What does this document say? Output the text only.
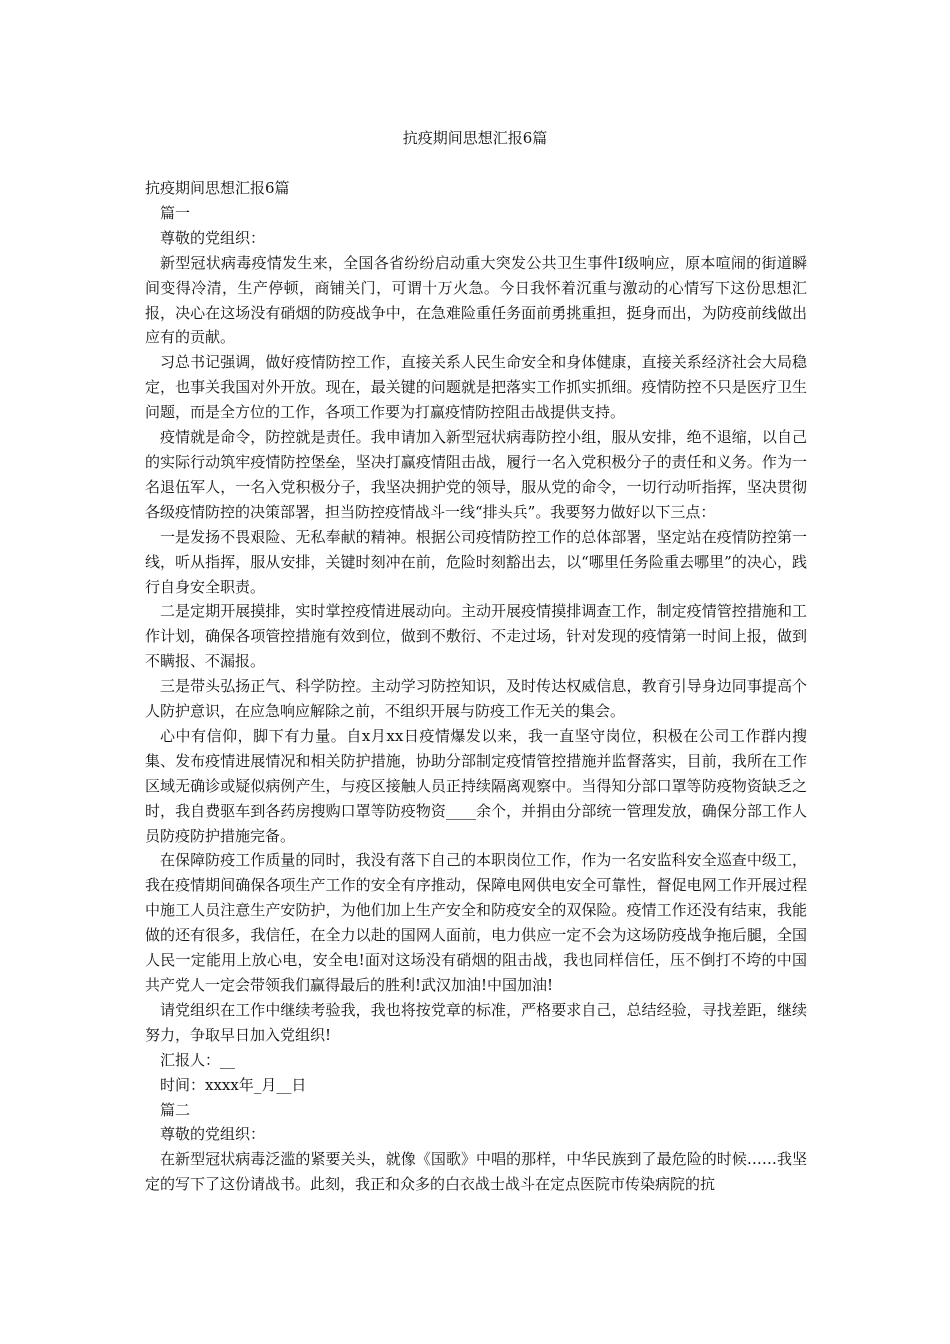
抗疫期间思想汇报6篇

抗疫期间思想汇报6篇

篇一

尊敬的党组织：

新型冠状病毒疫情发生来，全国各省纷纷启动重大突发公共卫生事件Ⅰ级响应，原本喧闹的街道瞬间变得冷清，生产停顿，商铺关门，可谓十万火急。今日我怀着沉重与激动的心情写下这份思想汇报，决心在这场没有硝烟的防疫战争中，在急难险重任务面前勇挑重担，挺身而出，为防疫前线做出应有的贡献。

习总书记强调，做好疫情防控工作，直接关系人民生命安全和身体健康，直接关系经济社会大局稳定，也事关我国对外开放。现在，最关键的问题就是把落实工作抓实抓细。疫情防控不只是医疗卫生问题，而是全方位的工作，各项工作要为打赢疫情防控阻击战提供支持。

疫情就是命令，防控就是责任。我申请加入新型冠状病毒防控小组，服从安排，绝不退缩，以自己的实际行动筑牢疫情防控堡垒，坚决打赢疫情阻击战，履行一名入党积极分子的责任和义务。作为一名退伍军人，一名入党积极分子，我坚决拥护党的领导，服从党的命令，一切行动听指挥，坚决贯彻各级疫情防控的决策部署，担当防控疫情战斗一线“排头兵”。我要努力做好以下三点：

一是发扬不畏艰险、无私奉献的精神。根据公司疫情防控工作的总体部署，坚定站在疫情防控第一线，听从指挥，服从安排，关键时刻冲在前，危险时刻豁出去，以“哪里任务险重去哪里”的决心，践行自身安全职责。

二是定期开展摸排，实时掌控疫情进展动向。主动开展疫情摸排调查工作，制定疫情管控措施和工作计划，确保各项管控措施有效到位，做到不敷衍、不走过场，针对发现的疫情第一时间上报，做到不瞒报、不漏报。

三是带头弘扬正气、科学防控。主动学习防控知识，及时传达权威信息，教育引导身边同事提高个人防护意识，在应急响应解除之前，不组织开展与防疫工作无关的集会。

心中有信仰，脚下有力量。自x月xx日疫情爆发以来，我一直坚守岗位，积极在公司工作群内搜集、发布疫情进展情况和相关防护措施，协助分部制定疫情管控措施并监督落实，目前，我所在工作区域无确诊或疑似病例产生，与疫区接触人员正持续隔离观察中。当得知分部口罩等防疫物资缺乏之时，我自费驱车到各药房搜购口罩等防疫物资____余个，并捐由分部统一管理发放，确保分部工作人员防疫防护措施完备。

在保障防疫工作质量的同时，我没有落下自己的本职岗位工作，作为一名安监科安全巡查中级工，我在疫情期间确保各项生产工作的安全有序推动，保障电网供电安全可靠性，督促电网工作开展过程中施工人员注意生产安防护，为他们加上生产安全和防疫安全的双保险。疫情工作还没有结束，我能做的还有很多，我信任，在全力以赴的国网人面前，电力供应一定不会为这场防疫战争拖后腿，全国人民一定能用上放心电，安全电!面对这场没有硝烟的阻击战，我也同样信任，压不倒打不垮的中国共产党人一定会带领我们赢得最后的胜利!武汉加油!中国加油!

请党组织在工作中继续考验我，我也将按党章的标准，严格要求自己，总结经验，寻找差距，继续努力，争取早日加入党组织!

汇报人：__

时间：xxxx年_月__日

篇二

尊敬的党组织：

在新型冠状病毒泛滥的紧要关头，就像《国歌》中唱的那样，中华民族到了最危险的时候……我坚定的写下了这份请战书。此刻，我正和众多的白衣战士战斗在定点医院市传染病院的抗
